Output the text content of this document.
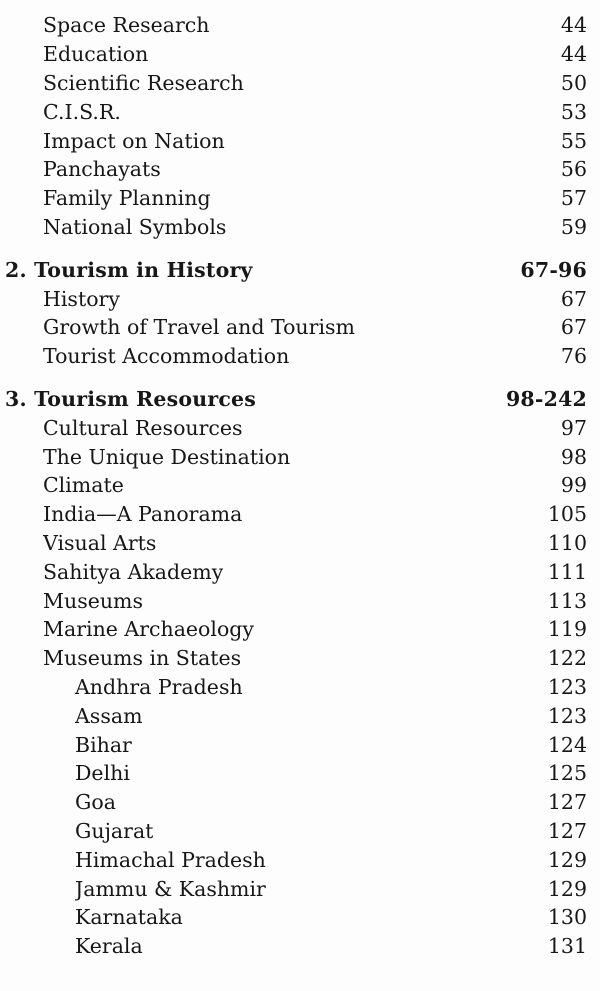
Space Research	44
Education	44
Scientific Research	50
C.I.S.R.	53
Impact on Nation	55
Panchayats	56
Family Planning	57
National Symbols	59
2. Tourism in History	67-96
History	67
Growth of Travel and Tourism	67
Tourist Accommodation	76
3. Tourism Resources	98-242
Cultural Resources	97
The Unique Destination	98
Climate	99
India—A Panorama	105
Visual Arts	110
Sahitya Akademy	111
Museums	113
Marine Archaeology	119
Museums in States	122
Andhra Pradesh	123
Assam	123
Bihar	124
Delhi	125
Goa	127
Gujarat	127
Himachal Pradesh	129
Jammu & Kashmir	129
Karnataka	130
Kerala	131
